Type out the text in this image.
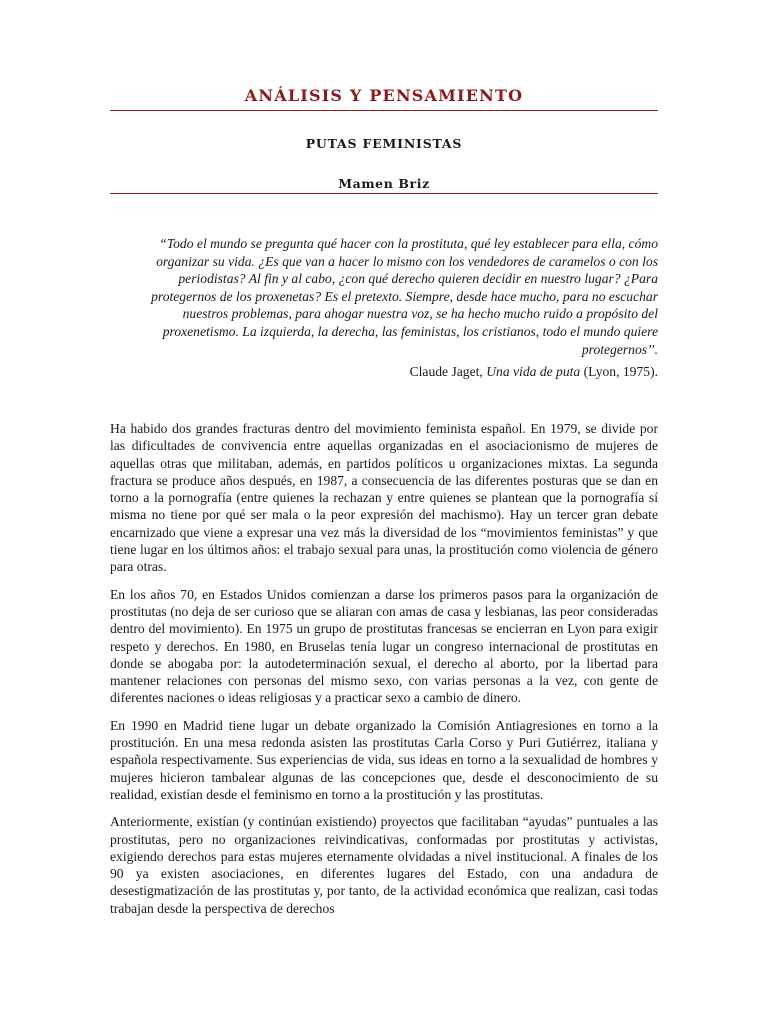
ANÁLISIS Y PENSAMIENTO
PUTAS FEMINISTAS
Mamen Briz

“Todo el mundo se pregunta qué hacer con la prostituta, qué ley establecer para ella, cómo organizar su vida. ¿Es que van a hacer lo mismo con los vendedores de caramelos o con los periodistas? Al fin y al cabo, ¿con qué derecho quieren decidir en nuestro lugar? ¿Para protegernos de los proxenetas? Es el pretexto. Siempre, desde hace mucho, para no escuchar nuestros problemas, para ahogar nuestra voz, se ha hecho mucho ruido a propósito del proxenetismo. La izquierda, la derecha, las feministas, los cristianos, todo el mundo quiere protegernos’’.

Claude Jaget, Una vida de puta (Lyon, 1975).

Ha habido dos grandes fracturas dentro del movimiento feminista español. En 1979, se divide por las dificultades de convivencia entre aquellas organizadas en el asociacionismo de mujeres de aquellas otras que militaban, además, en partidos políticos u organizaciones mixtas. La segunda fractura se produce años después, en 1987, a consecuencia de las diferentes posturas que se dan en torno a la pornografía (entre quienes la rechazan y entre quienes se plantean que la pornografía sí misma no tiene por qué ser mala o la peor expresión del machismo). Hay un tercer gran debate encarnizado que viene a expresar una vez más la diversidad de los “movimientos feministas” y que tiene lugar en los últimos años: el trabajo sexual para unas, la prostitución como violencia de género para otras.

En los años 70, en Estados Unidos comienzan a darse los primeros pasos para la organización de prostitutas (no deja de ser curioso que se aliaran con amas de casa y lesbianas, las peor consideradas dentro del movimiento). En 1975 un grupo de prostitutas francesas se encierran en Lyon para exigir respeto y derechos. En 1980, en Bruselas tenía lugar un congreso internacional de prostitutas en donde se abogaba por: la autodeterminación sexual, el derecho al aborto, por la libertad para mantener relaciones con personas del mismo sexo, con varias personas a la vez, con gente de diferentes naciones o ideas religiosas y a practicar sexo a cambio de dinero.

En 1990 en Madrid tiene lugar un debate organizado la Comisión Antiagresiones en torno a la prostitución. En una mesa redonda asisten las prostitutas Carla Corso y Puri Gutiérrez, italiana y española respectivamente. Sus experiencias de vida, sus ideas en torno a la sexualidad de hombres y mujeres hicieron tambalear algunas de las concepciones que, desde el desconocimiento de su realidad, existían desde el feminismo en torno a la prostitución y las prostitutas.

Anteriormente, existían (y continúan existiendo) proyectos que facilitaban “ayudas” puntuales a las prostitutas, pero no organizaciones reivindicativas, conformadas por prostitutas y activistas, exigiendo derechos para estas mujeres eternamente olvidadas a nivel institucional. A finales de los 90 ya existen asociaciones, en diferentes lugares del Estado, con una andadura de desestigmatización de las prostitutas y, por tanto, de la actividad económica que realizan, casi todas trabajan desde la perspectiva de derechos
